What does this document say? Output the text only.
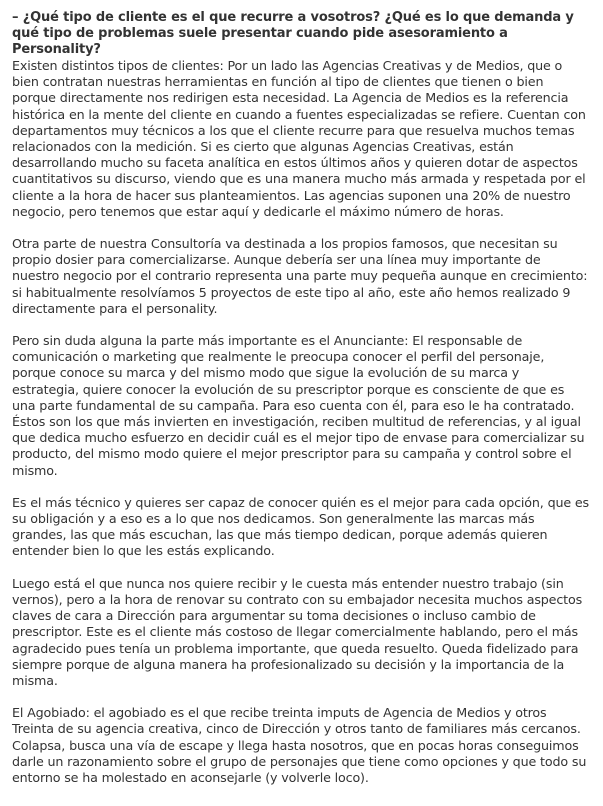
– ¿Qué tipo de cliente es el que recurre a vosotros? ¿Qué es lo que demanda y qué tipo de problemas suele presentar cuando pide asesoramiento a Personality?

Existen distintos tipos de clientes: Por un lado las Agencias Creativas y de Medios, que o bien contratan nuestras herramientas en función al tipo de clientes que tienen o bien porque directamente nos redirigen esta necesidad. La Agencia de Medios es la referencia histórica en la mente del cliente en cuando a fuentes especializadas se refiere. Cuentan con departamentos muy técnicos a los que el cliente recurre para que resuelva muchos temas relacionados con la medición. Si es cierto que algunas Agencias Creativas, están desarrollando mucho su faceta analítica en estos últimos años y quieren dotar de aspectos cuantitativos su discurso, viendo que es una manera mucho más armada y respetada por el cliente a la hora de hacer sus planteamientos. Las agencias suponen una 20% de nuestro negocio, pero tenemos que estar aquí y dedicarle el máximo número de horas.

Otra parte de nuestra Consultoría va destinada a los propios famosos, que necesitan su propio dosier para comercializarse. Aunque debería ser una línea muy importante de nuestro negocio por el contrario representa una parte muy pequeña aunque en crecimiento: si habitualmente resolvíamos 5 proyectos de este tipo al año, este año hemos realizado 9 directamente para el personality.

Pero sin duda alguna la parte más importante es el Anunciante: El responsable de comunicación o marketing que realmente le preocupa conocer el perfil del personaje, porque conoce su marca y del mismo modo que sigue la evolución de su marca y estrategia, quiere conocer la evolución de su prescriptor porque es consciente de que es una parte fundamental de su campaña. Para eso cuenta con él, para eso le ha contratado. Éstos son los que más invierten en investigación, reciben multitud de referencias, y al igual que dedica mucho esfuerzo en decidir cuál es el mejor tipo de envase para comercializar su producto, del mismo modo quiere el mejor prescriptor para su campaña y control sobre el mismo.

Es el más técnico y quieres ser capaz de conocer quién es el mejor para cada opción, que es su obligación y a eso es a lo que nos dedicamos. Son generalmente las marcas más grandes, las que más escuchan, las que más tiempo dedican, porque además quieren entender bien lo que les estás explicando.

Luego está el que nunca nos quiere recibir y le cuesta más entender nuestro trabajo (sin vernos), pero a la hora de renovar su contrato con su embajador necesita muchos aspectos claves de cara a Dirección para argumentar su toma decisiones o incluso cambio de prescriptor. Este es el cliente más costoso de llegar comercialmente hablando, pero el más agradecido pues tenía un problema importante, que queda resuelto. Queda fidelizado para siempre porque de alguna manera ha profesionalizado su decisión y la importancia de la misma.

El Agobiado: el agobiado es el que recibe treinta imputs de Agencia de Medios y otros Treinta de su agencia creativa, cinco de Dirección y otros tanto de familiares más cercanos. Colapsa, busca una vía de escape y llega hasta nosotros, que en pocas horas conseguimos darle un razonamiento sobre el grupo de personajes que tiene como opciones y que todo su entorno se ha molestado en aconsejarle (y volverle loco).
